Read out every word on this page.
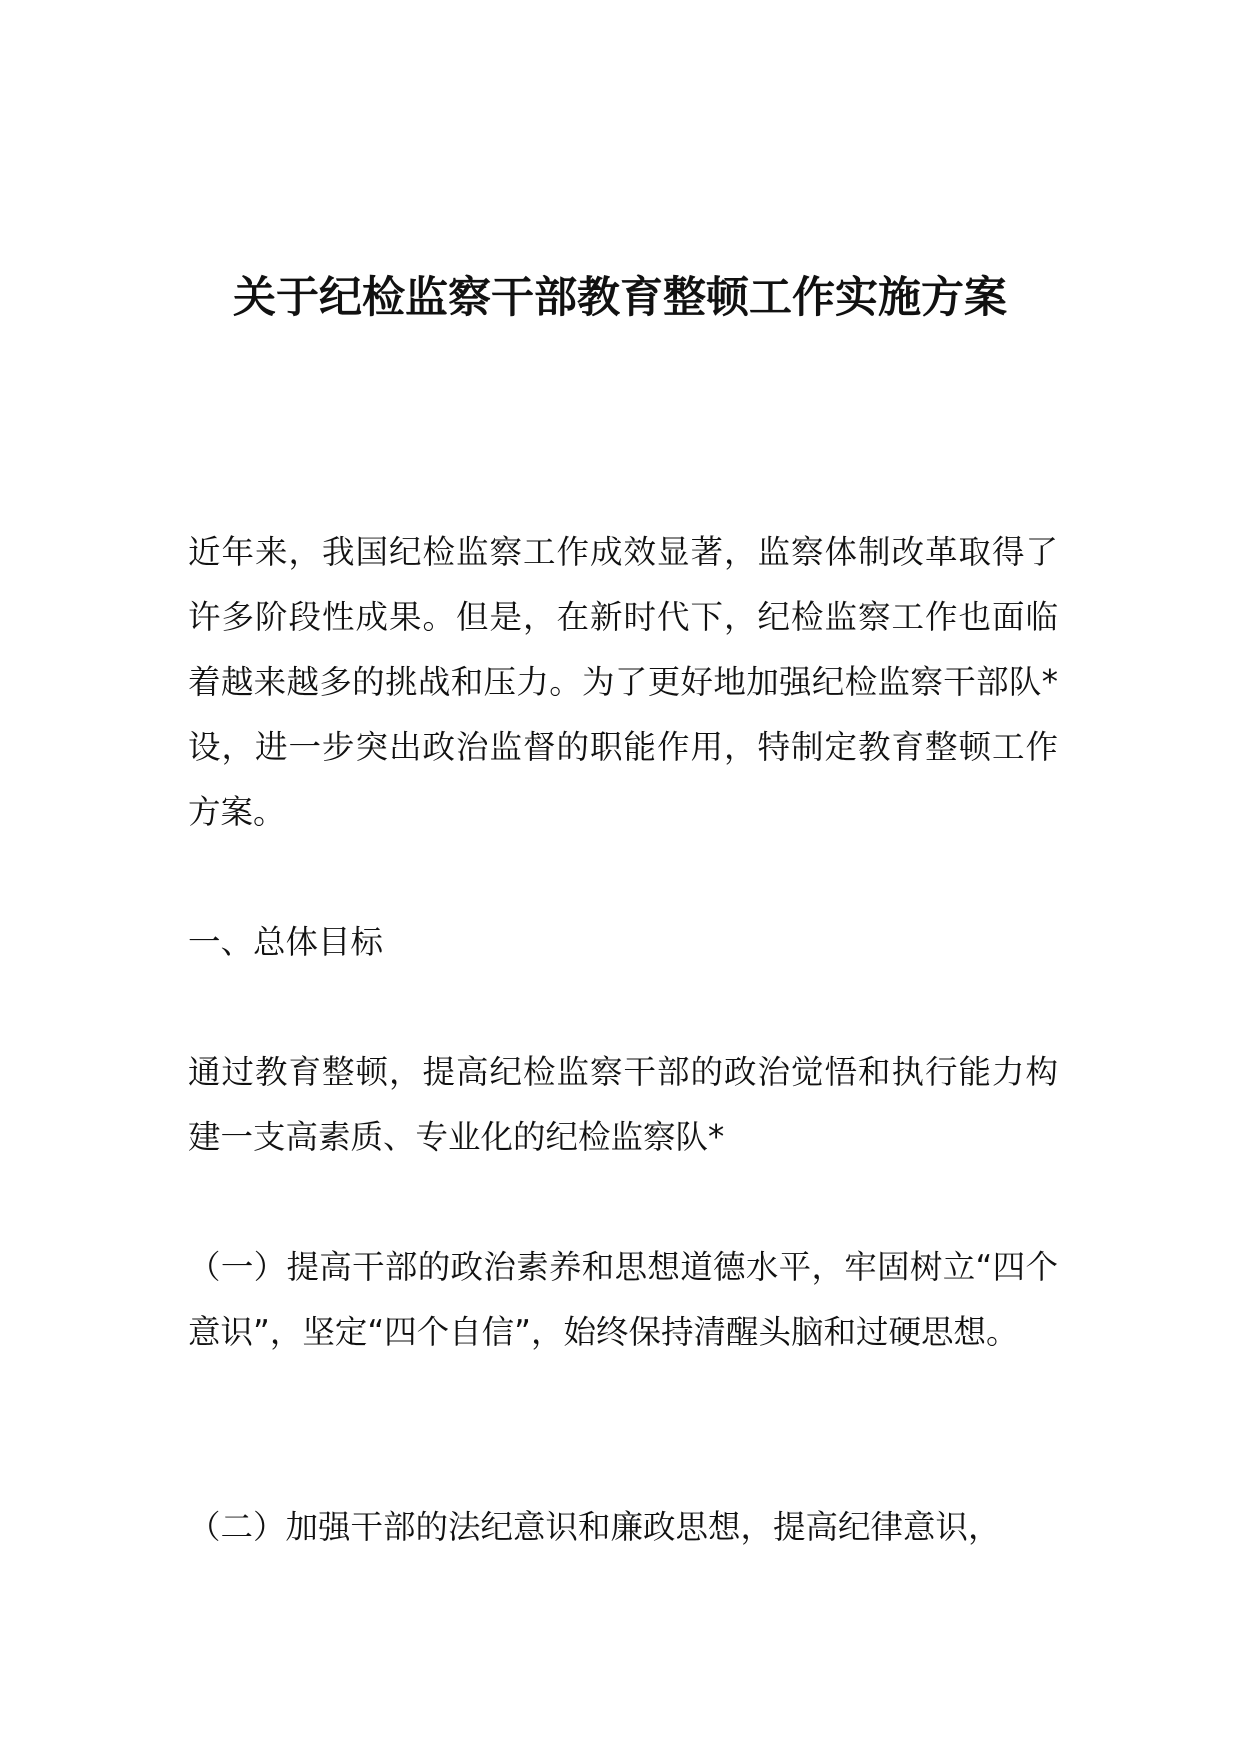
关于纪检监察干部教育整顿工作实施方案

近年来，我国纪检监察工作成效显著，监察体制改革取得了许多阶段性成果。但是，在新时代下，纪检监察工作也面临着越来越多的挑战和压力。为了更好地加强纪检监察干部队*设，进一步突出政治监督的职能作用，特制定教育整顿工作方案。

一、总体目标

通过教育整顿，提高纪检监察干部的政治觉悟和执行能力构建一支高素质、专业化的纪检监察队*

（一）提高干部的政治素养和思想道德水平，牢固树立“四个意识”，坚定“四个自信”，始终保持清醒头脑和过硬思想。

（二）加强干部的法纪意识和廉政思想，提高纪律意识，
